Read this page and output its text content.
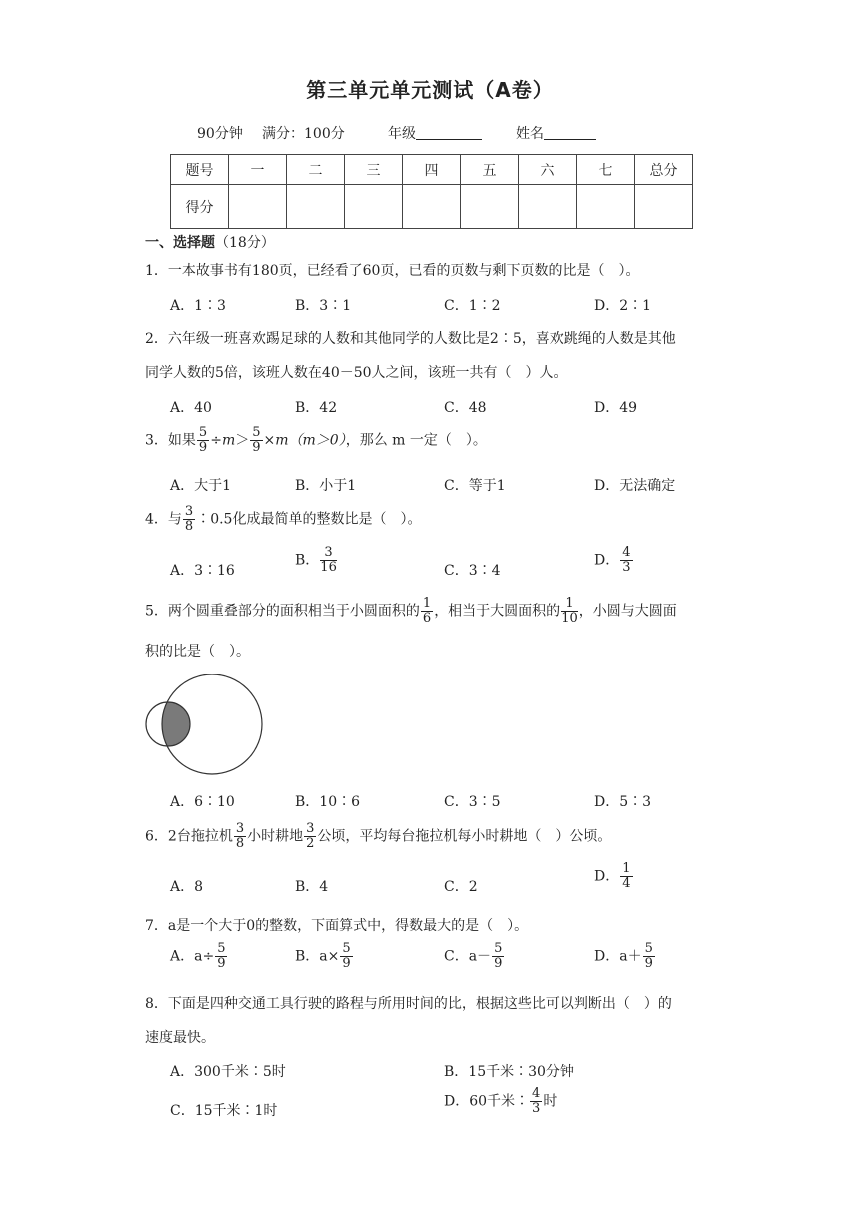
第三单元单元测试（A卷）
90分钟 满分：100分	年级	姓名
题号	一	二	三	四	五	六	七	总分
得分								
一、选择题（18分）
1．一本故事书有180页，已经看了60页，已看的页数与剩下页数的比是（　）。
A．1∶3	B．3∶1	C．1∶2	D．2∶1
2．六年级一班喜欢踢足球的人数和其他同学的人数比是2∶5，喜欢跳绳的人数是其他
同学人数的5倍，该班人数在40－50人之间，该班一共有（　）人。
A．40	B．42	C．48	D．49
3．如果 $\frac{5}{9} \div m> \frac{5}{9} \times m(m>0)$，那么 m 一定（　）。
A．大于1	B．小于1	C．等于1	D．无法确定
4．与 $\frac{3}{8}$ ∶0.5化成最简单的整数比是（　）。
A．3∶16
B． $\frac{3}{16}$	C．3∶4
D． $\frac{4}{3}$
5．两个圆重叠部分的面积相当于小圆面积的 $\frac{1}{6}$ ，相当于大圆面积的 $\frac{1}{10}$ ，小圆与大圆面
积的比是（　）。
A．6∶10	B．10∶6	C．3∶5	D．5∶3
6．2台拖拉机 $\frac{3}{8}$ 小时耕地 $\frac{3}{2}$ 公顷，平均每台拖拉机每小时耕地（　）公顷。
A．8	B．4	C．2
D． $\frac{1}{4}$
7．a是一个大于0的整数，下面算式中，得数最大的是（　）。
A．$a\div \frac{5}{9}$	B．$a\times \frac{5}{9}$	C．$a- \frac{5}{9}$	D．$a+ \frac{5}{9}$
8．下面是四种交通工具行驶的路程与所用时间的比，根据这些比可以判断出（　）的
速度最快。
A．300千米∶5时	B．15千米∶30分钟
C．15千米∶1时
D．60千米∶ $\frac{4}{3}$ 时
